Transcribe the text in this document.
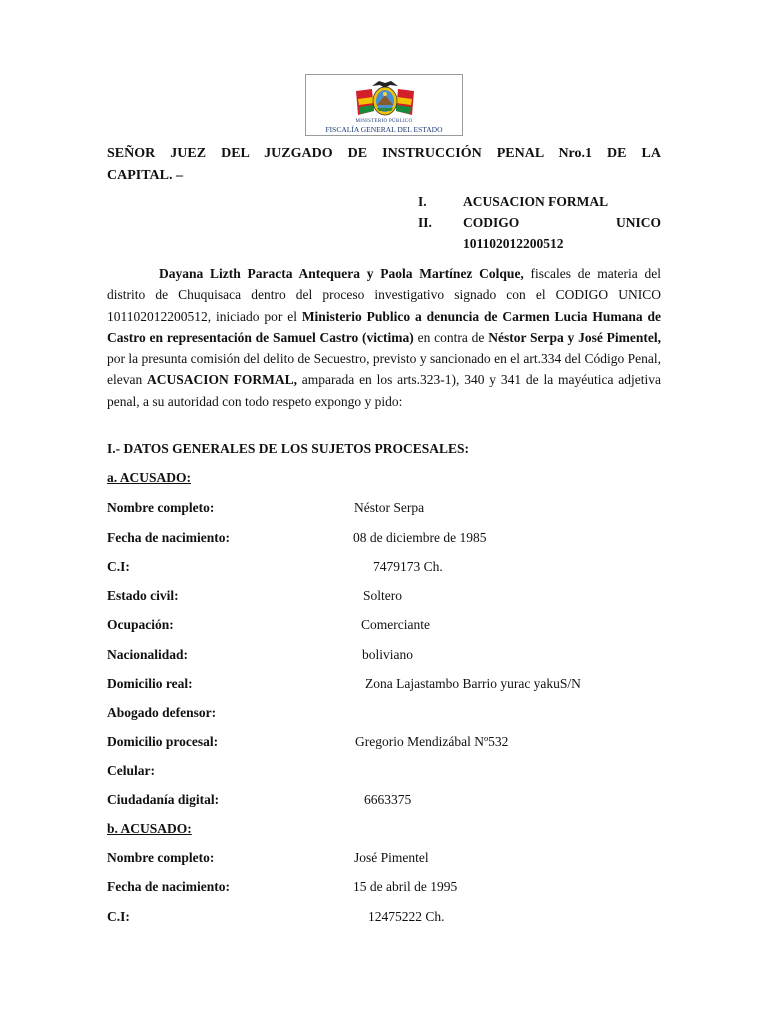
MINISTERIO PÚBLICO
FISCALÍA GENERAL DEL ESTADO

SEÑOR JUEZ DEL JUZGADO DE INSTRUCCIÓN PENAL Nro.1 DE LA

CAPITAL. –

I.	ACUSACION FORMAL
II. CODIGO	UNICO
101102012200512

Dayana Lizth Paracta Antequera y Paola Martínez Colque, fiscales de materia del distrito de Chuquisaca dentro del proceso investigativo signado con el CODIGO UNICO 101102012200512, iniciado por el Ministerio Publico a denuncia de Carmen Lucia Humana de Castro en representación de Samuel Castro (victima) en contra de Néstor Serpa y José Pimentel, por la presunta comisión del delito de Secuestro, previsto y sancionado en el art.334 del Código Penal, elevan ACUSACION FORMAL, amparada en los arts.323-1), 340 y 341 de la mayéutica adjetiva penal, a su autoridad con todo respeto expongo y pido:

I.- DATOS GENERALES DE LOS SUJETOS PROCESALES:

a. ACUSADO:

Nombre completo:	Néstor Serpa
Fecha de nacimiento:	08 de diciembre de 1985
C.I:	7479173 Ch.
Estado civil:	Soltero
Ocupación:	Comerciante
Nacionalidad:	boliviano
Domicilio real:	Zona Lajastambo Barrio yurac yakuS/N
Abogado defensor:
Domicilio procesal:	Gregorio Mendizábal Nº532
Celular:
Ciudadanía digital:	6663375

b. ACUSADO:

Nombre completo:	José Pimentel
Fecha de nacimiento:	15 de abril de 1995
C.I:	12475222 Ch.
